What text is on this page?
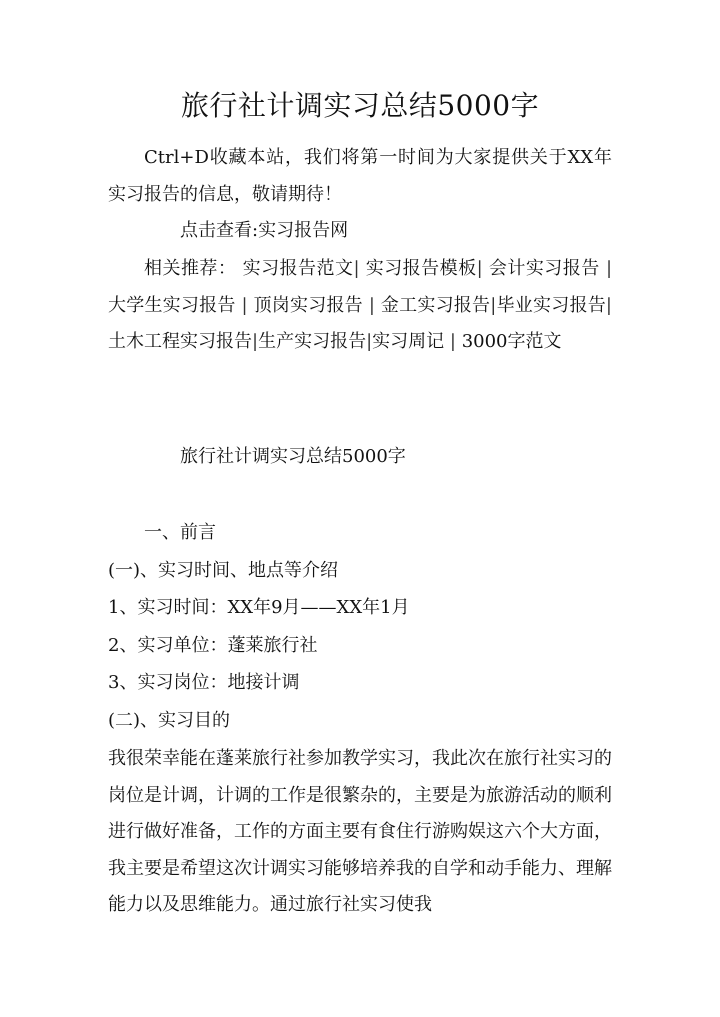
旅行社计调实习总结5000字

Ctrl+D收藏本站，我们将第一时间为大家提供关于XX年实习报告的信息，敬请期待！

点击查看:实习报告网

相关推荐： 实习报告范文| 实习报告模板| 会计实习报告 | 大学生实习报告 | 顶岗实习报告 | 金工实习报告|毕业实习报告|土木工程实习报告|生产实习报告|实习周记 | 3000字范文

旅行社计调实习总结5000字
一、前言
(一)、实习时间、地点等介绍
1、实习时间：XX年9月——XX年1月
2、实习单位：蓬莱旅行社
3、实习岗位：地接计调
(二)、实习目的

我很荣幸能在蓬莱旅行社参加教学实习，我此次在旅行社实习的岗位是计调，计调的工作是很繁杂的，主要是为旅游活动的顺利进行做好准备，工作的方面主要有食住行游购娱这六个大方面，我主要是希望这次计调实习能够培养我的自学和动手能力、理解能力以及思维能力。通过旅行社实习使我
